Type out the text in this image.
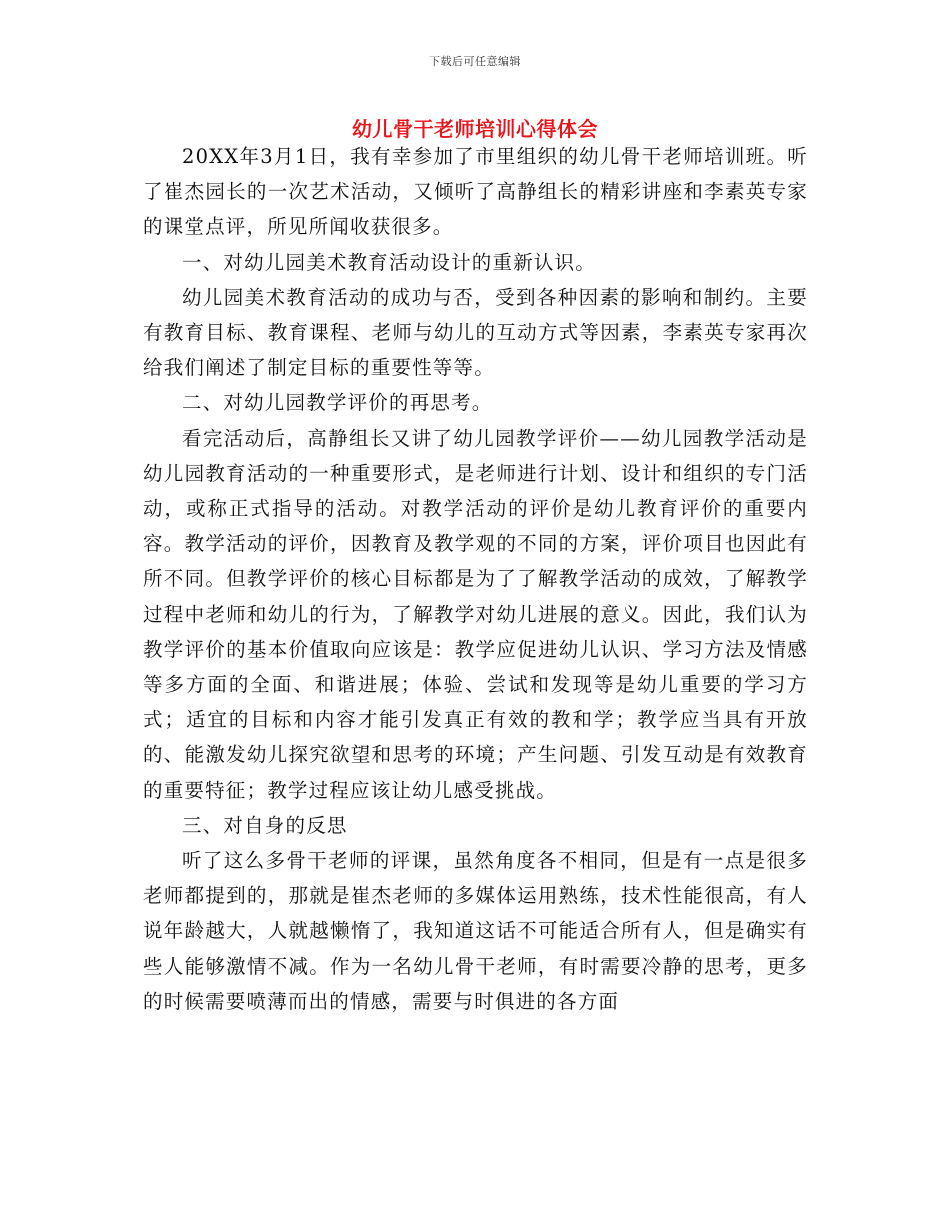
下载后可任意编辑
幼儿骨干老师培训心得体会

20XX年3月1日，我有幸参加了市里组织的幼儿骨干老师培训班。听了崔杰园长的一次艺术活动，又倾听了高静组长的精彩讲座和李素英专家的课堂点评，所见所闻收获很多。

一、对幼儿园美术教育活动设计的重新认识。

幼儿园美术教育活动的成功与否，受到各种因素的影响和制约。主要有教育目标、教育课程、老师与幼儿的互动方式等因素，李素英专家再次给我们阐述了制定目标的重要性等等。

二、对幼儿园教学评价的再思考。

看完活动后，高静组长又讲了幼儿园教学评价——幼儿园教学活动是幼儿园教育活动的一种重要形式，是老师进行计划、设计和组织的专门活动，或称正式指导的活动。对教学活动的评价是幼儿教育评价的重要内容。教学活动的评价，因教育及教学观的不同的方案，评价项目也因此有所不同。但教学评价的核心目标都是为了了解教学活动的成效，了解教学过程中老师和幼儿的行为，了解教学对幼儿进展的意义。因此，我们认为教学评价的基本价值取向应该是：教学应促进幼儿认识、学习方法及情感等多方面的全面、和谐进展；体验、尝试和发现等是幼儿重要的学习方式；适宜的目标和内容才能引发真正有效的教和学；教学应当具有开放的、能激发幼儿探究欲望和思考的环境；产生问题、引发互动是有效教育的重要特征；教学过程应该让幼儿感受挑战。

三、对自身的反思

听了这么多骨干老师的评课，虽然角度各不相同，但是有一点是很多老师都提到的，那就是崔杰老师的多媒体运用熟练，技术性能很高，有人说年龄越大，人就越懒惰了，我知道这话不可能适合所有人，但是确实有些人能够激情不减。作为一名幼儿骨干老师，有时需要冷静的思考，更多的时候需要喷薄而出的情感，需要与时俱进的各方面
